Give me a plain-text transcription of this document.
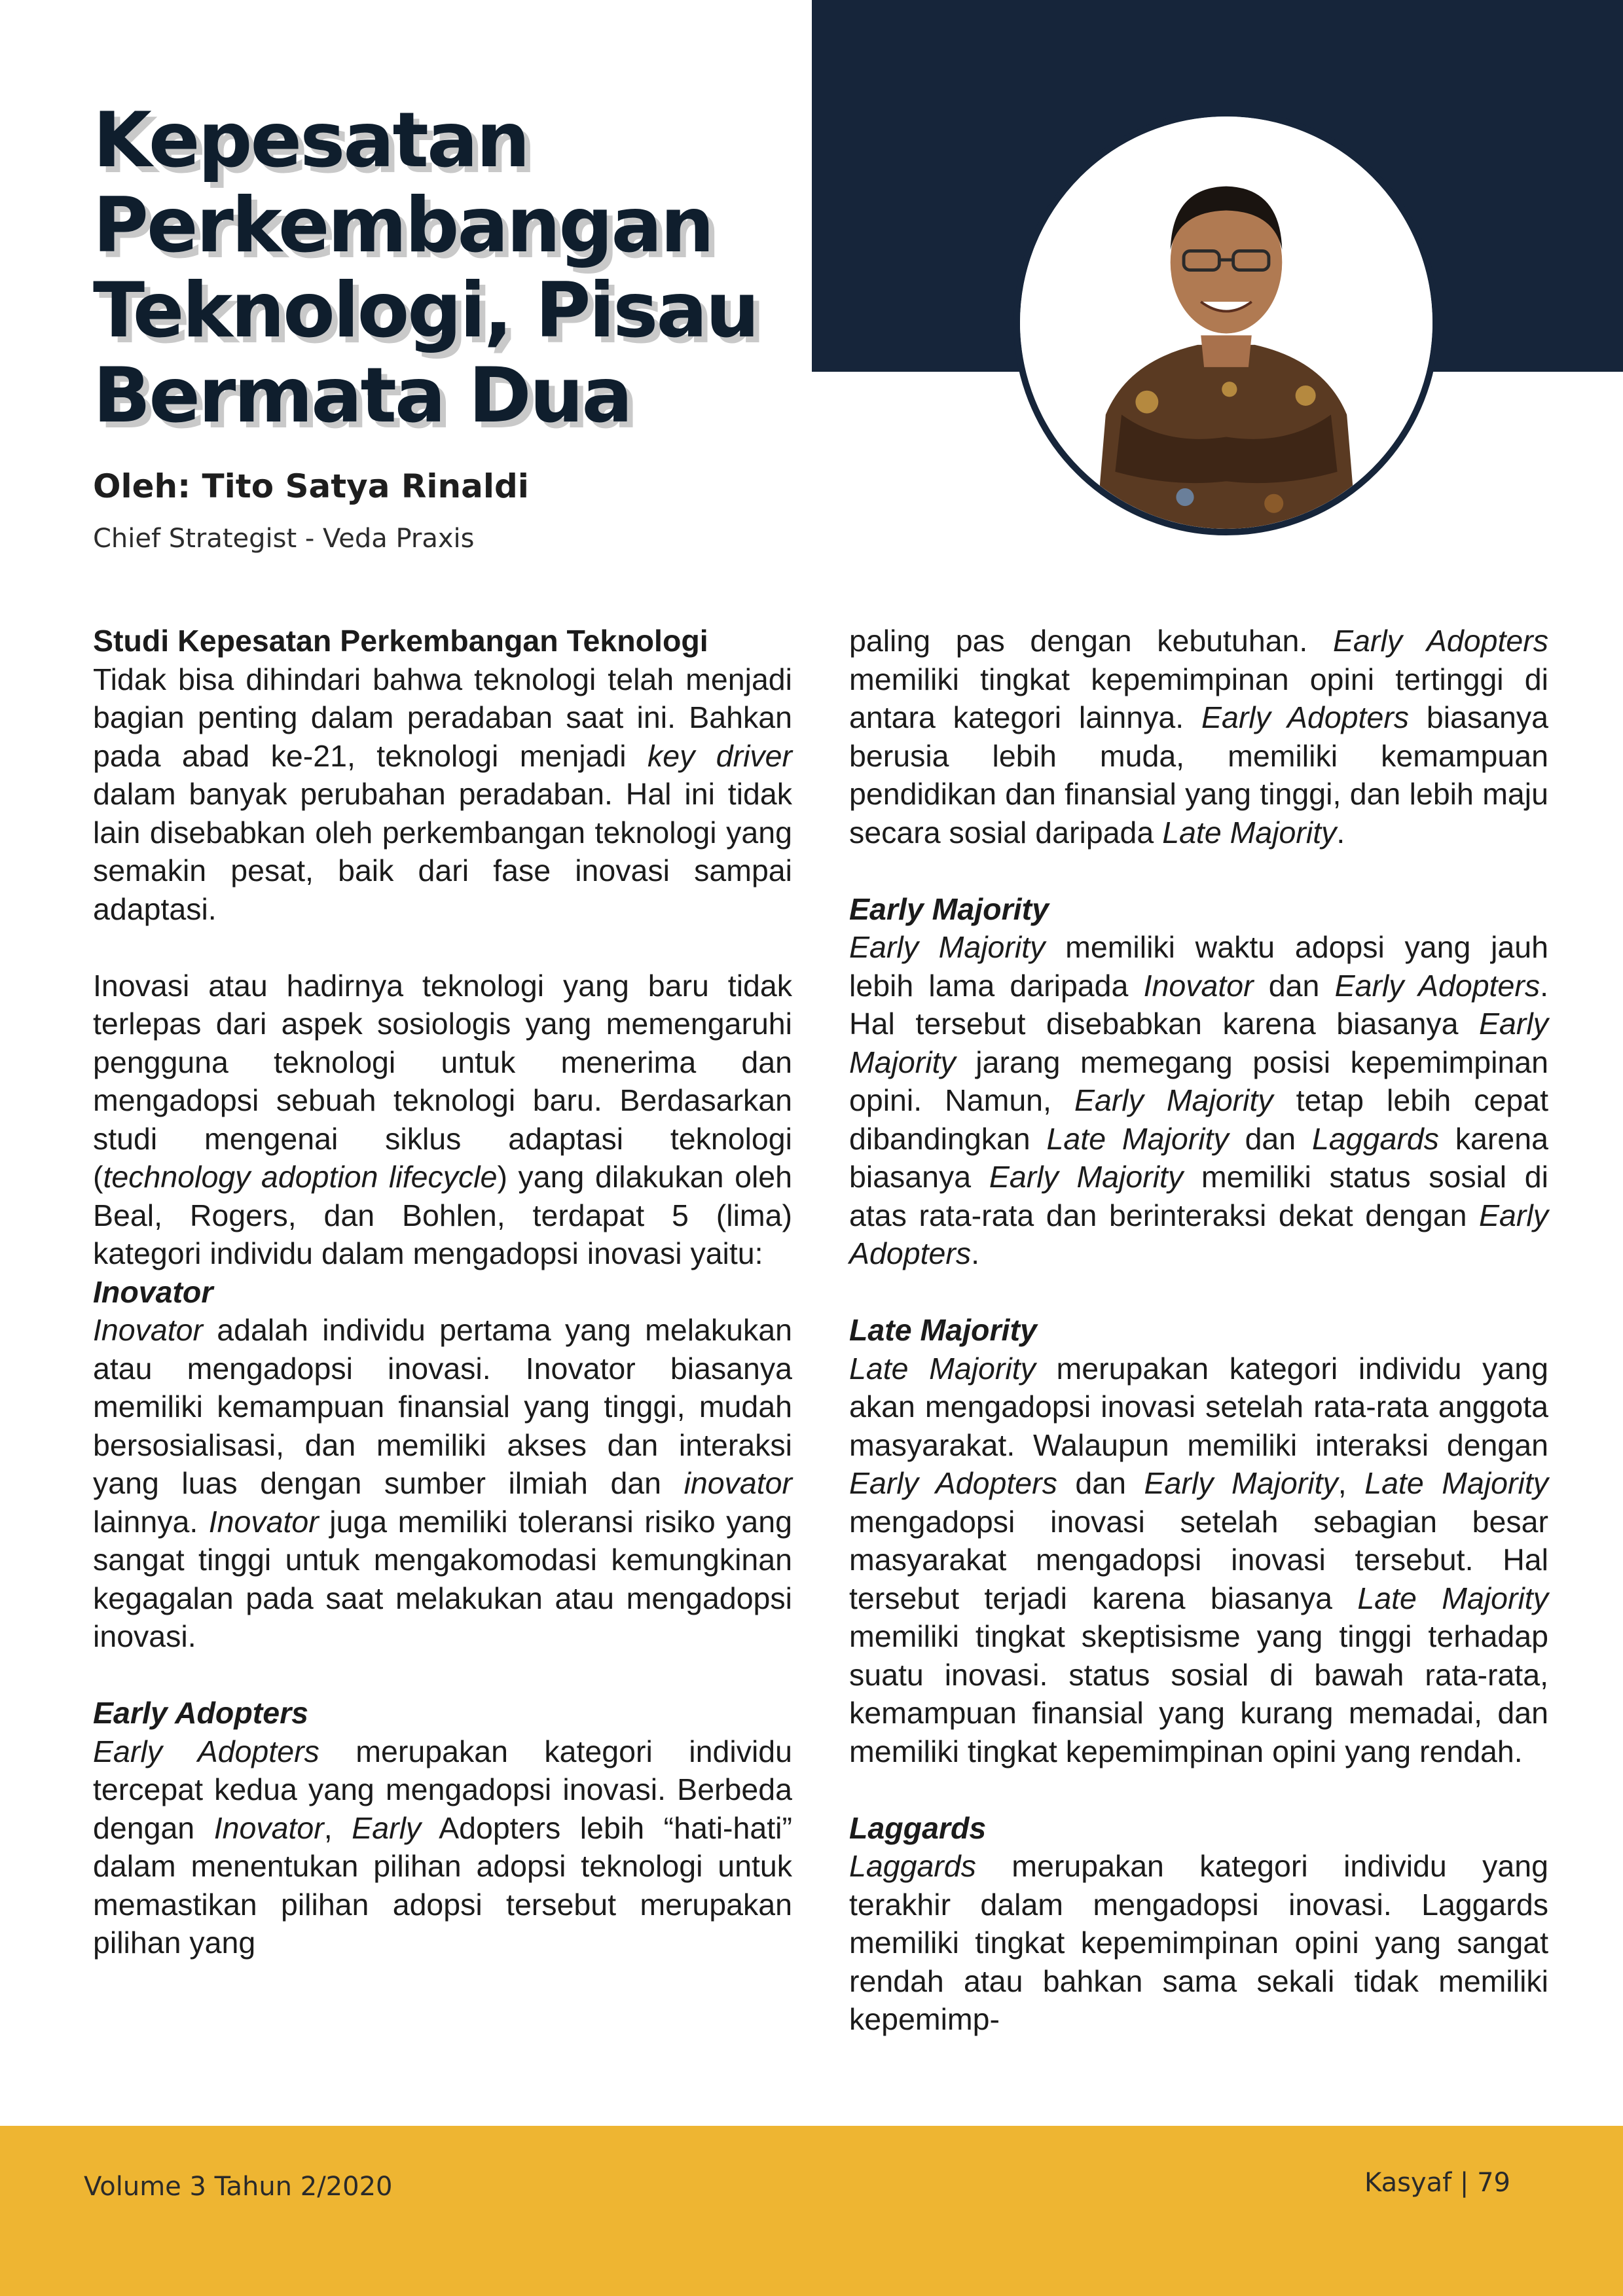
Kepesatan
Perkembangan
Teknologi, Pisau
Bermata Dua
Oleh: Tito Satya Rinaldi
Chief Strategist - Veda Praxis
Studi Kepesatan Perkembangan Teknologi

Tidak bisa dihindari bahwa teknologi telah menjadi bagian penting dalam peradaban saat ini. Bahkan pada abad ke-21, teknologi menjadi key driver dalam banyak perubahan peradaban. Hal ini tidak lain disebabkan oleh perkembangan teknologi yang semakin pesat, baik dari fase inovasi sampai adaptasi.

Inovasi atau hadirnya teknologi yang baru tidak terlepas dari aspek sosiologis yang memengaruhi pengguna teknologi untuk menerima dan mengadopsi sebuah teknologi baru. Berdasarkan studi mengenai siklus adaptasi teknologi (technology adoption lifecycle) yang dilakukan oleh Beal, Rogers, dan Bohlen, terdapat 5 (lima) kategori individu dalam mengadopsi inovasi yaitu:

Inovator

Inovator adalah individu pertama yang melakukan atau mengadopsi inovasi. Inovator biasanya memiliki kemampuan finansial yang tinggi, mudah bersosialisasi, dan memiliki akses dan interaksi yang luas dengan sumber ilmiah dan inovator lainnya. Inovator juga memiliki toleransi risiko yang sangat tinggi untuk mengakomodasi kemungkinan kegagalan pada saat melakukan atau mengadopsi inovasi.

Early Adopters

Early Adopters merupakan kategori individu tercepat kedua yang mengadopsi inovasi. Berbeda dengan Inovator, Early Adopters lebih “hati-hati” dalam menentukan pilihan adopsi teknologi untuk memastikan pilihan adopsi tersebut merupakan pilihan yang

paling pas dengan kebutuhan. Early Adopters memiliki tingkat kepemimpinan opini tertinggi di antara kategori lainnya. Early Adopters biasanya berusia lebih muda, memiliki kemampuan pendidikan dan finansial yang tinggi, dan lebih maju secara sosial daripada Late Majority.

Early Majority

Early Majority memiliki waktu adopsi yang jauh lebih lama daripada Inovator dan Early Adopters. Hal tersebut disebabkan karena biasanya Early Majority jarang memegang posisi kepemimpinan opini. Namun, Early Majority tetap lebih cepat dibandingkan Late Majority dan Laggards karena biasanya Early Majority memiliki status sosial di atas rata-rata dan berinteraksi dekat dengan Early Adopters.

Late Majority

Late Majority merupakan kategori individu yang akan mengadopsi inovasi setelah rata-rata anggota masyarakat. Walaupun memiliki interaksi dengan Early Adopters dan Early Majority, Late Majority mengadopsi inovasi setelah sebagian besar masyarakat mengadopsi inovasi tersebut. Hal tersebut terjadi karena biasanya Late Majority memiliki tingkat skeptisisme yang tinggi terhadap suatu inovasi. status sosial di bawah rata-rata, kemampuan finansial yang kurang memadai, dan memiliki tingkat kepemimpinan opini yang rendah.

Laggards

Laggards merupakan kategori individu yang terakhir dalam mengadopsi inovasi. Laggards memiliki tingkat kepemimpinan opini yang sangat rendah atau bahkan sama sekali tidak memiliki kepemimp-

Volume 3 Tahun 2/2020	Kasyaf | 79
